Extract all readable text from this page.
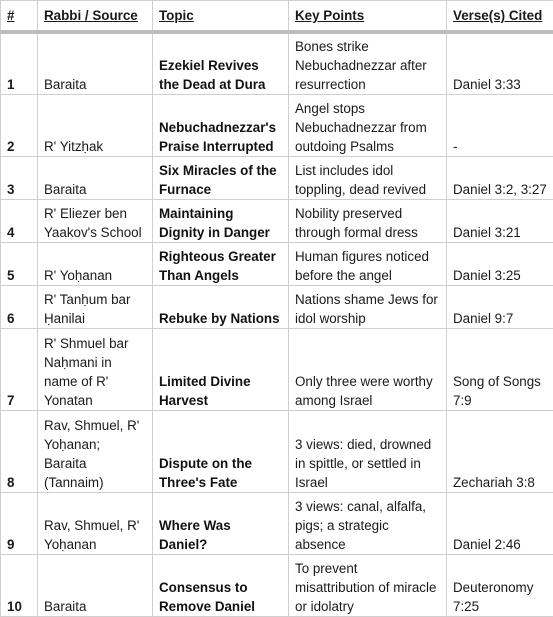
#	Rabbi / Source	Topic	Key Points	Verse(s) Cited
1	Baraita	Ezekiel Revives the Dead at Dura	Bones strike Nebuchadnezzar after resurrection	Daniel 3:33
2	R' Yitzḥak	Nebuchadnezzar's Praise Interrupted	Angel stops Nebuchadnezzar from outdoing Psalms	-
3	Baraita	Six Miracles of the Furnace	List includes idol toppling, dead revived	Daniel 3:2, 3:27
4	R' Eliezer ben Yaakov's School	Maintaining Dignity in Danger	Nobility preserved through formal dress	Daniel 3:21
5	R' Yoḥanan	Righteous Greater Than Angels	Human figures noticed before the angel	Daniel 3:25
6	R' Tanḥum bar Ḥanilai	Rebuke by Nations	Nations shame Jews for idol worship	Daniel 9:7
7	R' Shmuel bar Naḥmani in name of R' Yonatan	Limited Divine Harvest	Only three were worthy among Israel	Song of Songs 7:9
8	Rav, Shmuel, R' Yoḥanan; Baraita (Tannaim)	Dispute on the Three's Fate	3 views: died, drowned in spittle, or settled in Israel	Zechariah 3:8
9	Rav, Shmuel, R' Yoḥanan	Where Was Daniel?	3 views: canal, alfalfa, pigs; a strategic absence	Daniel 2:46
10	Baraita	Consensus to Remove Daniel	To prevent misattribution of miracle or idolatry	Deuteronomy 7:25
